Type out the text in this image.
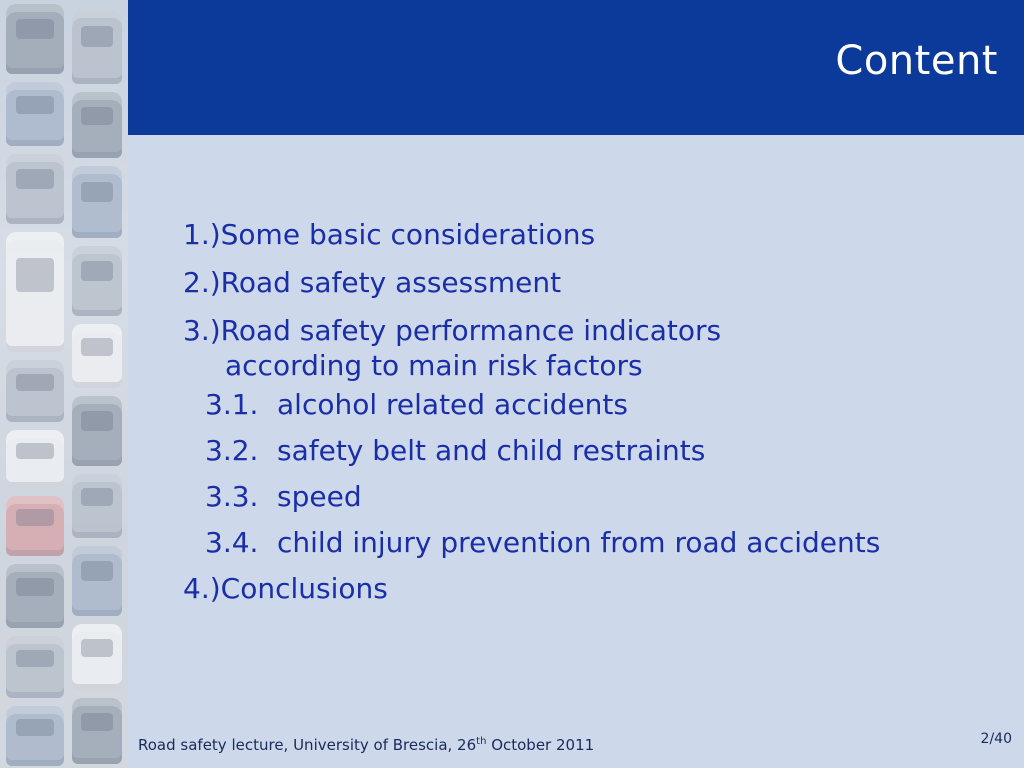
Content
1.) Some basic considerations
2.) Road safety assessment
3.)Road safety performance indicators
according to main risk factors
3.1. alcohol related accidents
3.2. safety belt and child restraints
3.3. speed
3.4. child injury prevention from road accidents
4.) Conclusions
Road safety lecture, University of Brescia, 26th October 2011	2/40
